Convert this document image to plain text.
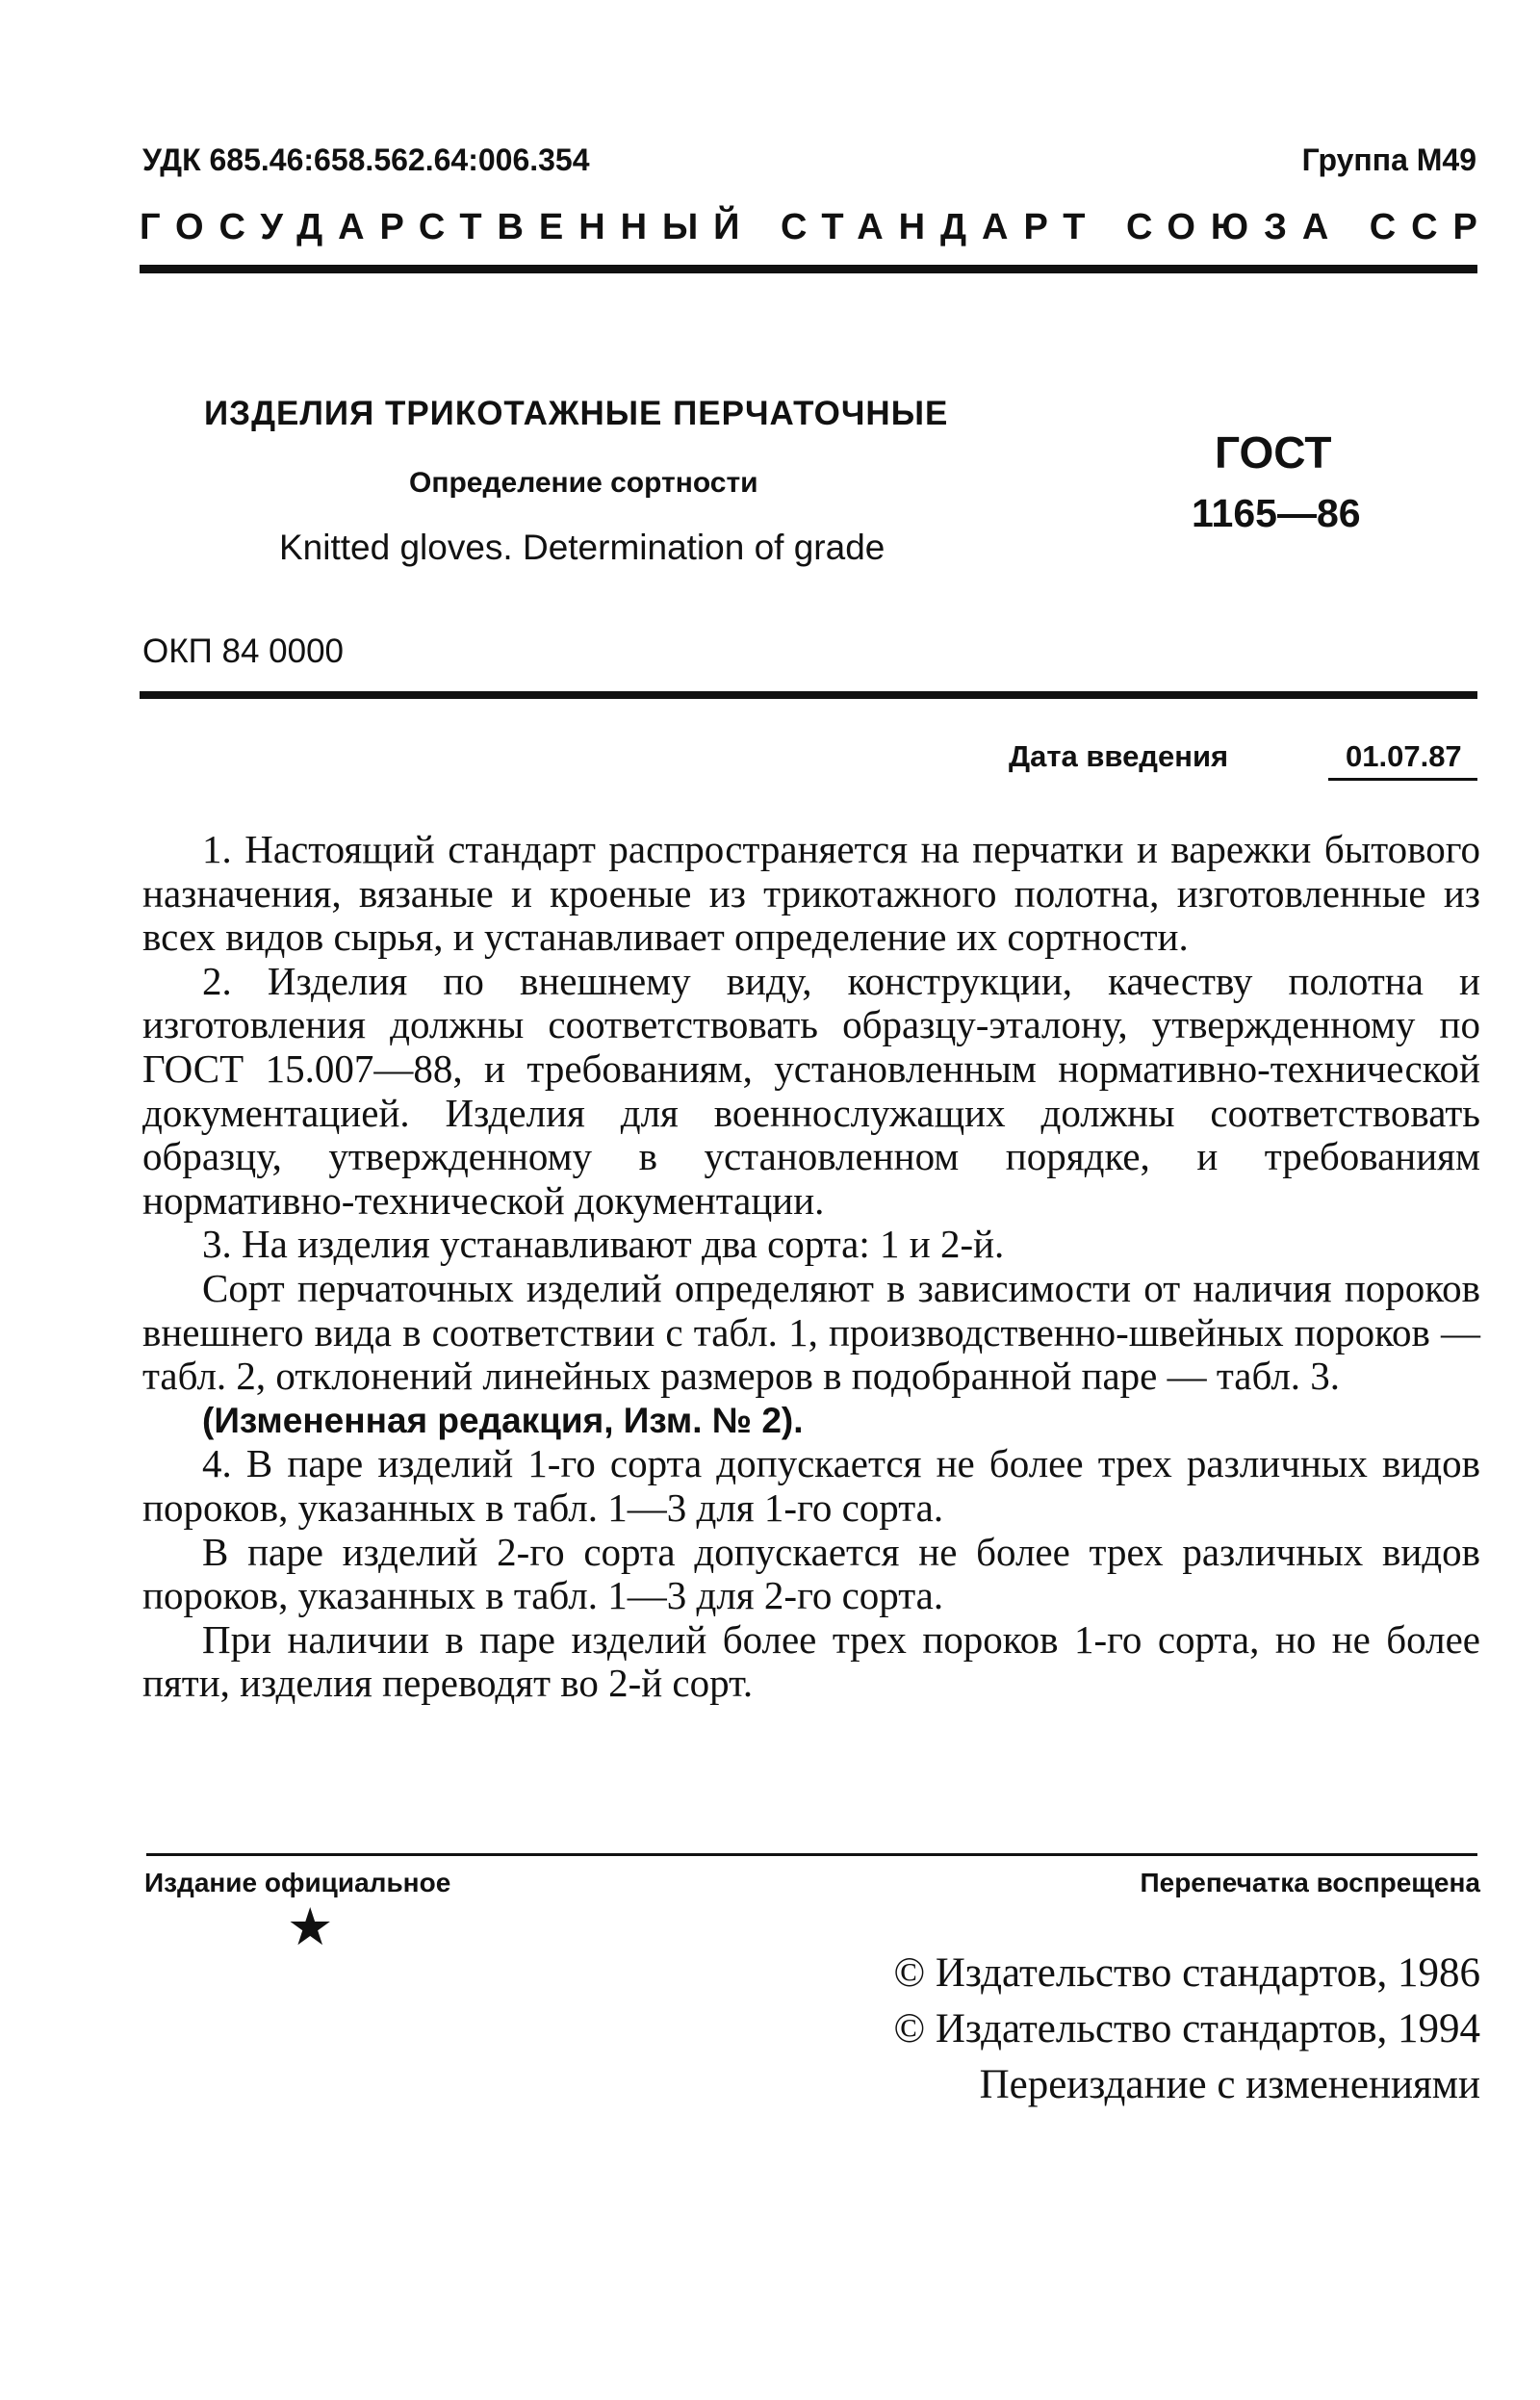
УДК 685.46:658.562.64:006.354	Группа М49
ГОСУДАРСТВЕННЫЙ СТАНДАРТ СОЮЗА ССР
ИЗДЕЛИЯ ТРИКОТАЖНЫЕ ПЕРЧАТОЧНЫЕ
Определение сортности
Knitted gloves. Determination of grade
ГОСТ
1165—86
ОКП 84 0000
Дата введения	01.07.87

1. Настоящий стандарт распространяется на перчатки и варежки бытового назначения, вязаные и кроеные из трикотажного полотна, изготовленные из всех видов сырья, и устанавливает определение их сортности.

2. Изделия по внешнему виду, конструкции, качеству полотна и изготовления должны соответствовать образцу-эталону, утвержденному по ГОСТ 15.007—88, и требованиям, установленным нормативно-технической документацией. Изделия для военнослужащих должны соответствовать образцу, утвержденному в установленном порядке, и требованиям нормативно-технической документации.

3. На изделия устанавливают два сорта: 1 и 2-й.

Сорт перчаточных изделий определяют в зависимости от наличия пороков внешнего вида в соответствии с табл. 1, производственно-швейных пороков — табл. 2, отклонений линейных размеров в подобранной паре — табл. 3.

(Измененная редакция, Изм. № 2).

4. В паре изделий 1-го сорта допускается не более трех различных видов пороков, указанных в табл. 1—3 для 1-го сорта.

В паре изделий 2-го сорта допускается не более трех различных видов пороков, указанных в табл. 1—3 для 2-го сорта.

При наличии в паре изделий более трех пороков 1-го сорта, но не более пяти, изделия переводят во 2-й сорт.

Издание официальное	Перепечатка воспрещена
★
© Издательство стандартов, 1986
© Издательство стандартов, 1994
Переиздание с изменениями
